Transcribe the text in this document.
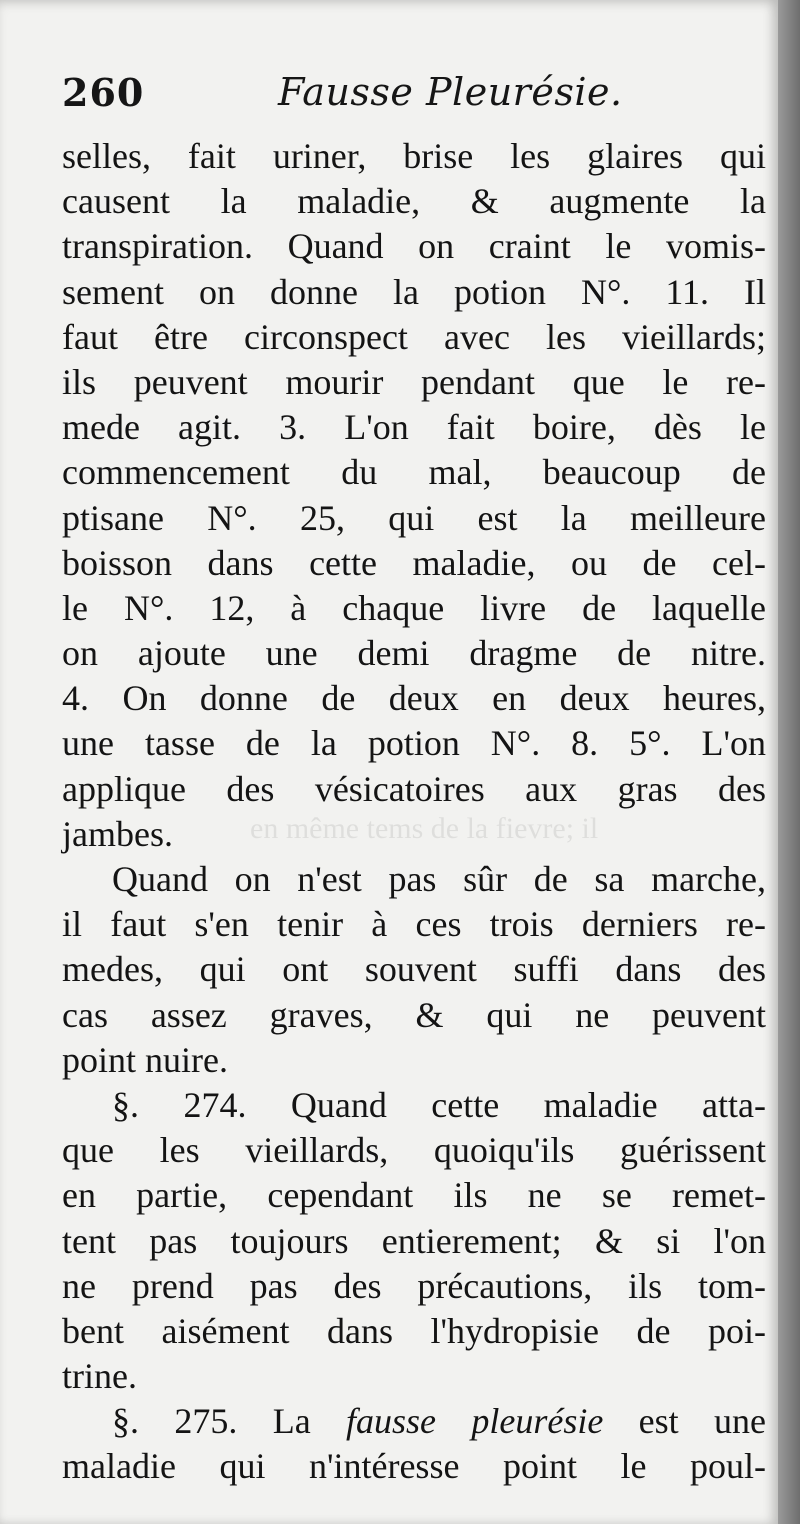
en même tems de la fievre; il
260	Fausse Pleurésie.
selles, fait uriner, brise les glaires qui
causent la maladie, & augmente la
transpiration. Quand on craint le vomis-
sement on donne la potion N°. 11. Il
faut être circonspect avec les vieillards;
ils peuvent mourir pendant que le re-
mede agit. 3. L'on fait boire, dès le
commencement du mal, beaucoup de
ptisane N°. 25, qui est la meilleure
boisson dans cette maladie, ou de cel-
le N°. 12, à chaque livre de laquelle
on ajoute une demi dragme de nitre.
4. On donne de deux en deux heures,
une tasse de la potion N°. 8. 5°. L'on
applique des vésicatoires aux gras des
jambes.
Quand on n'est pas sûr de sa marche,
il faut s'en tenir à ces trois derniers re-
medes, qui ont souvent suffi dans des
cas assez graves, & qui ne peuvent
point nuire.
§. 274. Quand cette maladie atta-
que les vieillards, quoiqu'ils guérissent
en partie, cependant ils ne se remet-
tent pas toujours entierement; & si l'on
ne prend pas des précautions, ils tom-
bent aisément dans l'hydropisie de poi-
trine.
§. 275. La fausse pleurésie est une
maladie qui n'intéresse point le poul-
